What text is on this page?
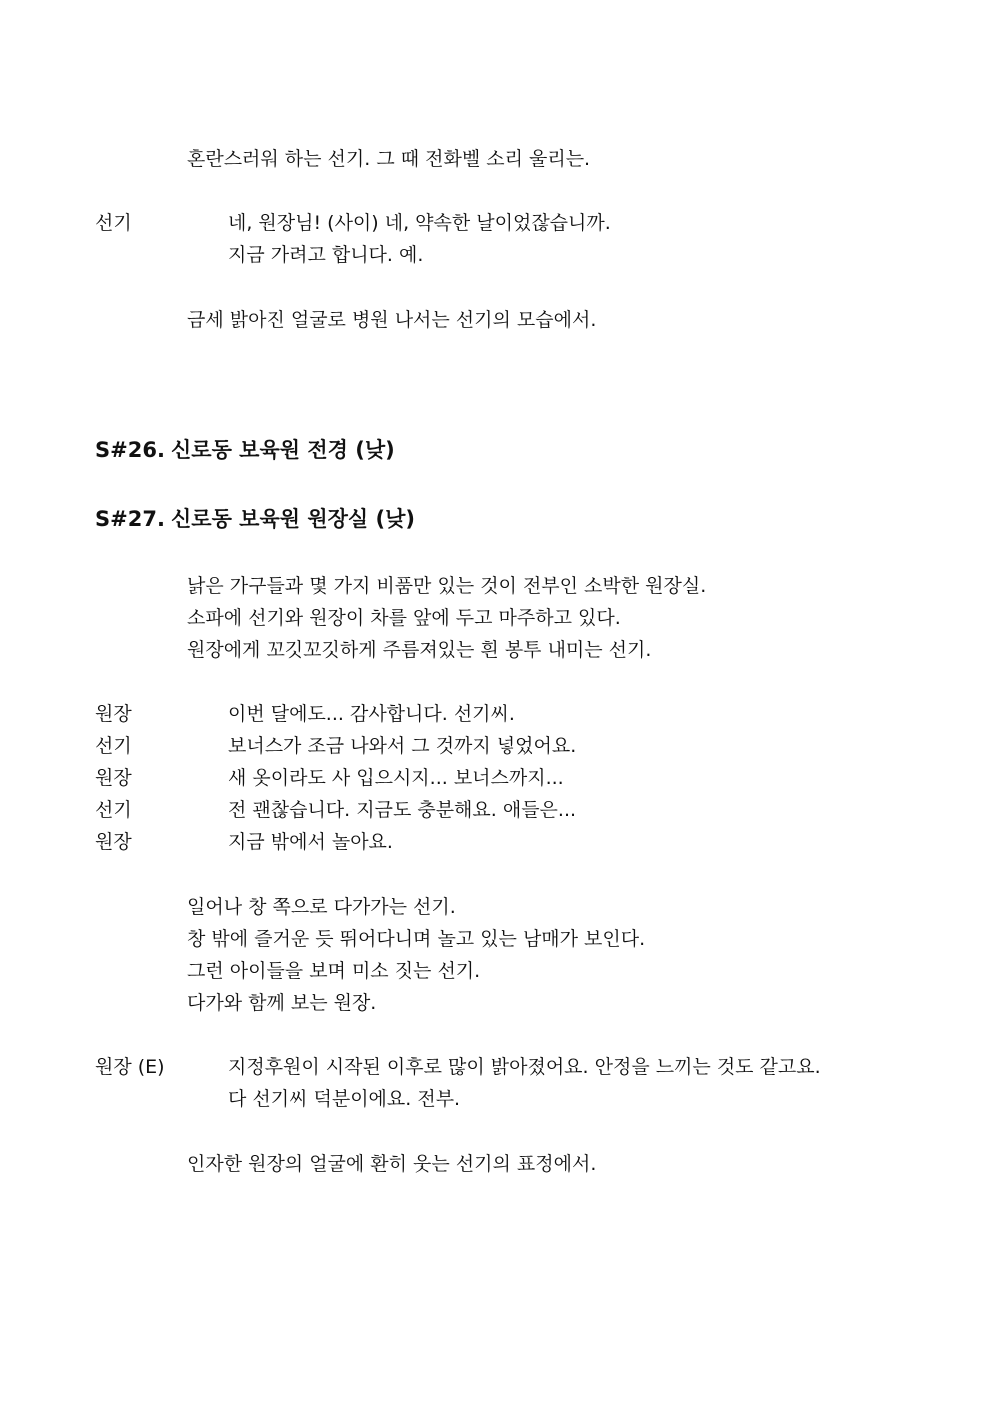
혼란스러워 하는 선기. 그 때 전화벨 소리 울리는.
선기	네, 원장님! (사이) 네, 약속한 날이었잖습니까.
지금 가려고 합니다. 예.
금세 밝아진 얼굴로 병원 나서는 선기의 모습에서.
S#26. 신로동 보육원 전경 (낮)
S#27. 신로동 보육원 원장실 (낮)
낡은 가구들과 몇 가지 비품만 있는 것이 전부인 소박한 원장실.
소파에 선기와 원장이 차를 앞에 두고 마주하고 있다.
원장에게 꼬깃꼬깃하게 주름져있는 흰 봉투 내미는 선기.
원장	이번 달에도... 감사합니다. 선기씨.
선기	보너스가 조금 나와서 그 것까지 넣었어요.
원장	새 옷이라도 사 입으시지... 보너스까지...
선기	전 괜찮습니다. 지금도 충분해요. 애들은...
원장	지금 밖에서 놀아요.
일어나 창 쪽으로 다가가는 선기.
창 밖에 즐거운 듯 뛰어다니며 놀고 있는 남매가 보인다.
그런 아이들을 보며 미소 짓는 선기.
다가와 함께 보는 원장.
원장 (E)	지정후원이 시작된 이후로 많이 밝아졌어요. 안정을 느끼는 것도 같고요.
다 선기씨 덕분이에요. 전부.
인자한 원장의 얼굴에 환히 웃는 선기의 표정에서.
